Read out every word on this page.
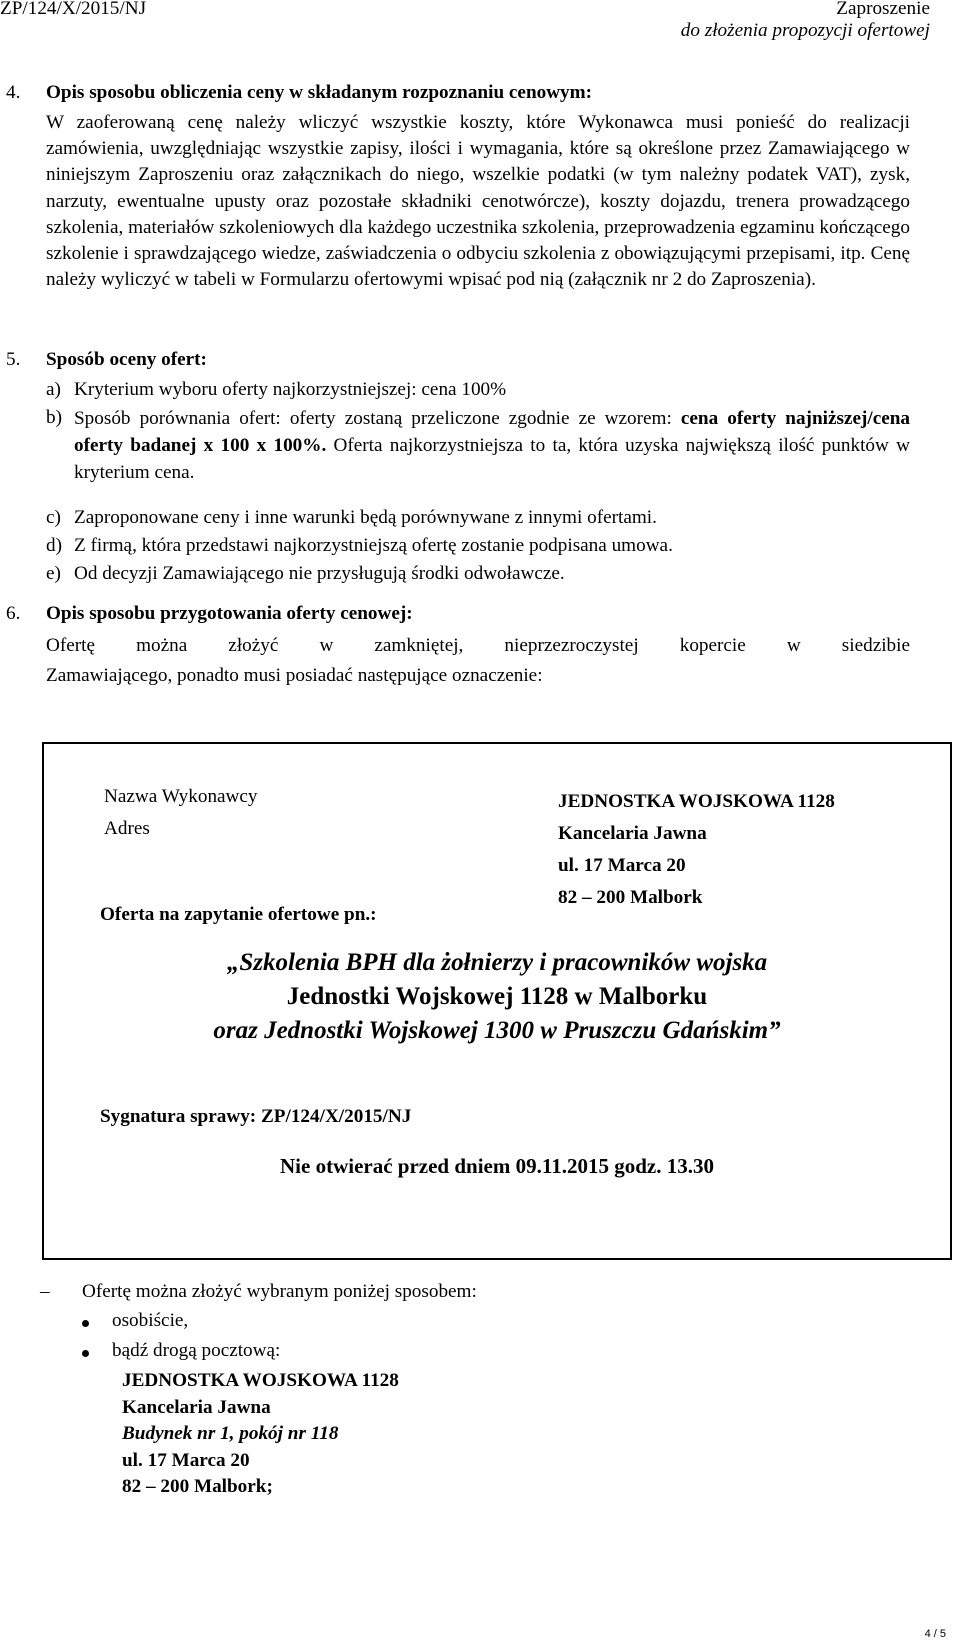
ZP/124/X/2015/NJ	Zaproszenie
do złożenia propozycji ofertowej
4. Opis sposobu obliczenia ceny w składanym rozpoznaniu cenowym:
W zaoferowaną cenę należy wliczyć wszystkie koszty, które Wykonawca musi ponieść do realizacji zamówienia, uwzględniając wszystkie zapisy, ilości i wymagania, które są określone przez Zamawiającego w niniejszym Zaproszeniu oraz załącznikach do niego, wszelkie podatki (w tym należny podatek VAT), zysk, narzuty, ewentualne upusty oraz pozostałe składniki cenotwórcze), koszty dojazdu, trenera prowadzącego szkolenia, materiałów szkoleniowych dla każdego uczestnika szkolenia, przeprowadzenia egzaminu kończącego szkolenie i sprawdzającego wiedze, zaświadczenia o odbyciu szkolenia z obowiązującymi przepisami, itp. Cenę należy wyliczyć w tabeli w Formularzu ofertowymi wpisać pod nią (załącznik nr 2 do Zaproszenia).
5. Sposób oceny ofert:
a) Kryterium wyboru oferty najkorzystniejszej: cena 100%
b) Sposób porównania ofert: oferty zostaną przeliczone zgodnie ze wzorem: cena oferty najniższej/cena oferty badanej x 100 x 100%. Oferta najkorzystniejsza to ta, która uzyska największą ilość punktów w kryterium cena.
c) Zaproponowane ceny i inne warunki będą porównywane z innymi ofertami.
d) Z firmą, która przedstawi najkorzystniejszą ofertę zostanie podpisana umowa.
e) Od decyzji Zamawiającego nie przysługują środki odwoławcze.
6. Opis sposobu przygotowania oferty cenowej:
Ofertę można złożyć w zamkniętej, nieprzezroczystej kopercie w siedzibie
Zamawiającego, ponadto musi posiadać następujące oznaczenie:
Nazwa Wykonawcy
Adres
JEDNOSTKA WOJSKOWA 1128
Kancelaria Jawna
ul. 17 Marca 20
82 – 200 Malbork
Oferta na zapytanie ofertowe pn.:
„Szkolenia BPH dla żołnierzy i pracowników wojska
Jednostki Wojskowej 1128 w Malborku
oraz Jednostki Wojskowej 1300 w Pruszczu Gdańskim”
Sygnatura sprawy: ZP/124/X/2015/NJ
Nie otwierać przed dniem 09.11.2015 godz. 13.30
– Ofertę można złożyć wybranym poniżej sposobem:
osobiście,
bądź drogą pocztową:
JEDNOSTKA WOJSKOWA 1128
Kancelaria Jawna
Budynek nr 1, pokój nr 118
ul. 17 Marca 20
82 – 200 Malbork;
4 / 5
